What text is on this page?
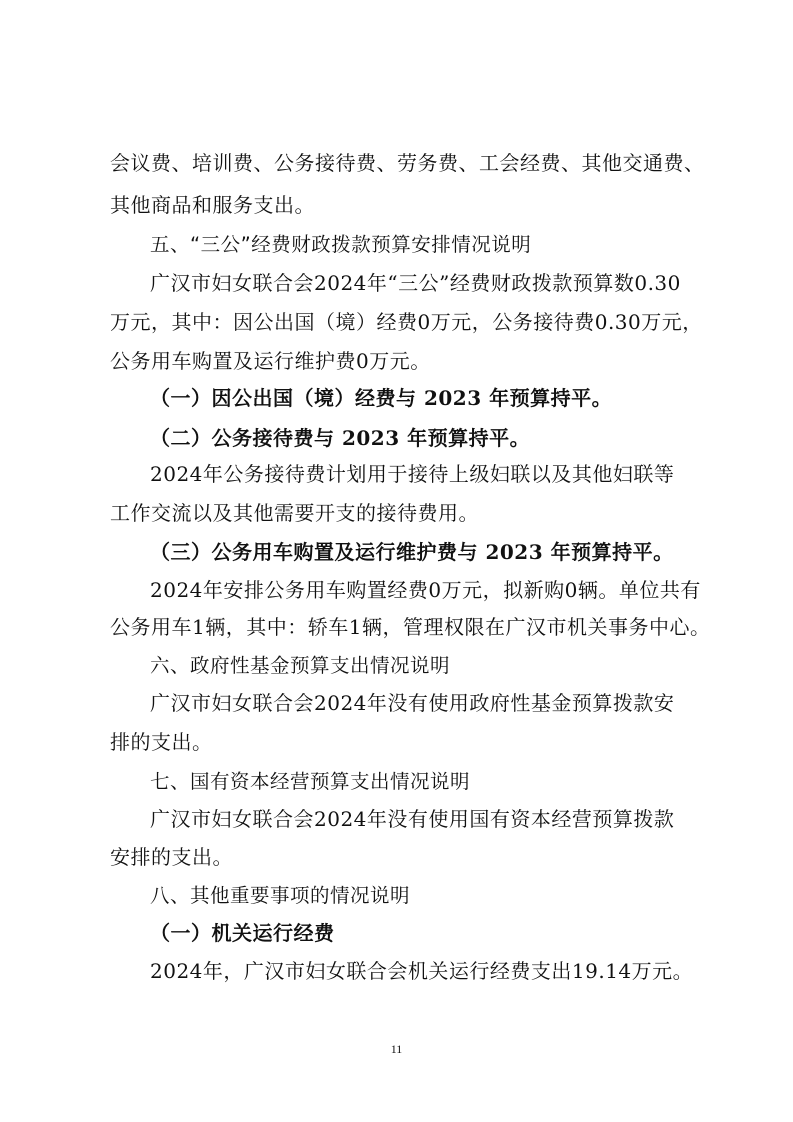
会议费、培训费、公务接待费、劳务费、工会经费、其他交通费、
其他商品和服务支出。
五、“三公”经费财政拨款预算安排情况说明
广汉市妇女联合会2024年“三公”经费财政拨款预算数0.30
万元，其中：因公出国（境）经费0万元，公务接待费0.30万元，
公务用车购置及运行维护费0万元。
（一）因公出国（境）经费与 2023 年预算持平。
（二）公务接待费与 2023 年预算持平。
2024年公务接待费计划用于接待上级妇联以及其他妇联等
工作交流以及其他需要开支的接待费用。
（三）公务用车购置及运行维护费与 2023 年预算持平。
2024年安排公务用车购置经费0万元，拟新购0辆。单位共有
公务用车1辆，其中：轿车1辆，管理权限在广汉市机关事务中心。
六、政府性基金预算支出情况说明
广汉市妇女联合会2024年没有使用政府性基金预算拨款安
排的支出。
七、国有资本经营预算支出情况说明
广汉市妇女联合会2024年没有使用国有资本经营预算拨款
安排的支出。
八、其他重要事项的情况说明
（一）机关运行经费
2024年，广汉市妇女联合会机关运行经费支出19.14万元。
11
